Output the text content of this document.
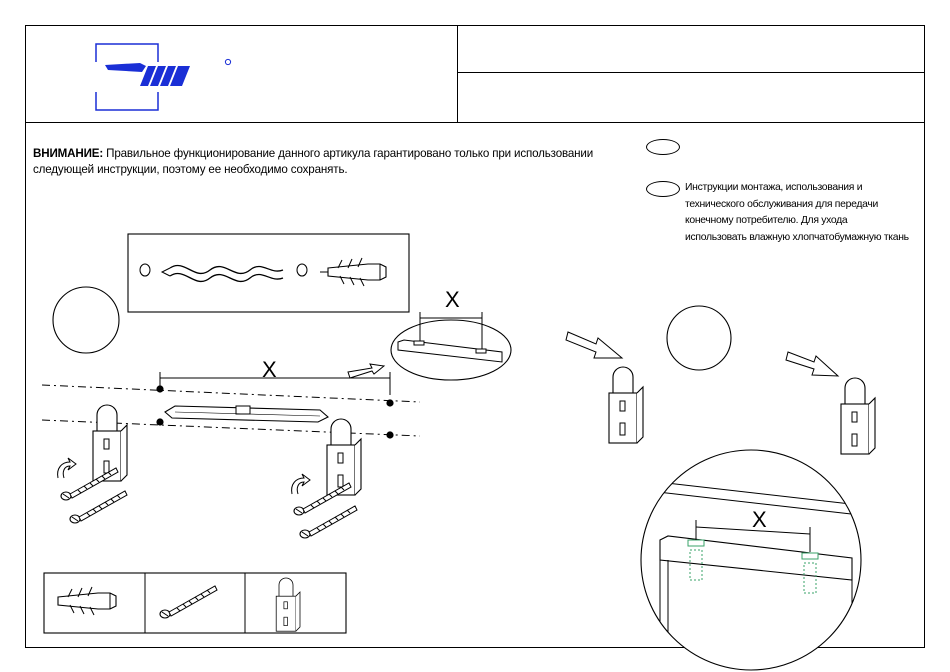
ВНИМАНИЕ: Правильное функционирование данного артикула гарантировано только при использовании следующей инструкции, поэтому ее необходимо сохранять.
Инструкции монтажа, использования и технического обслуживания для передачи конечному потребителю. Для ухода использовать влажную хлопчатобумажную ткань
X
X
X
